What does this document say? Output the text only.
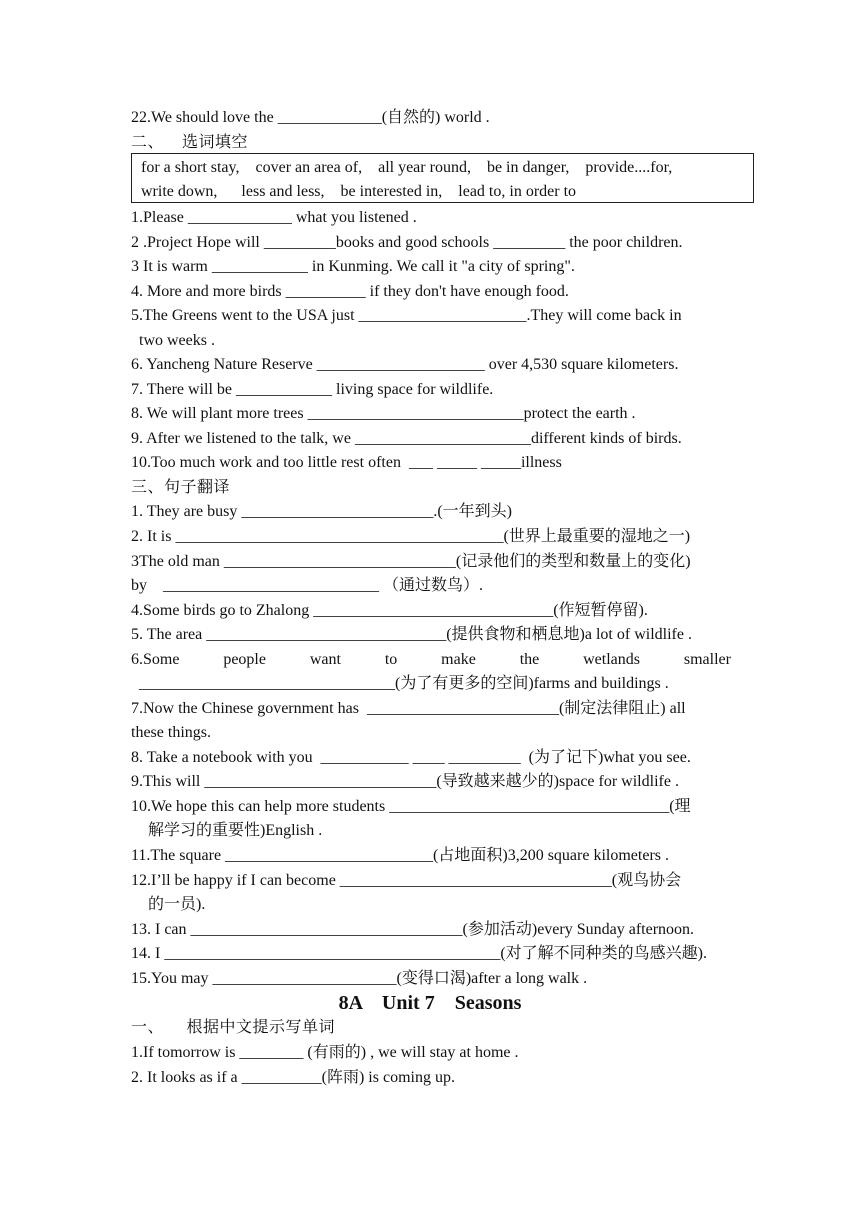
22.We should love the _____________(自然的) world .
二、    选词填空
for a short stay,    cover an area of,    all year round,    be in danger,    provide....for,
write down,      less and less,    be interested in,    lead to, in order to
1.Please _____________ what you listened .
2 .Project Hope will _________books and good schools _________ the poor children.
3 It is warm ____________ in Kunming. We call it "a city of spring".
4. More and more birds __________ if they don't have enough food.
5.The Greens went to the USA just _____________________.They will come back in
two weeks .
6. Yancheng Nature Reserve _____________________ over 4,530 square kilometers.
7. There will be ____________ living space for wildlife.
8. We will plant more trees ___________________________protect the earth .
9. After we listened to the talk, we ______________________different kinds of birds.
10.Too much work and too little rest often  ___ _____ _____illness
三、句子翻译
1. They are busy ________________________.(一年到头)
2. It is _________________________________________(世界上最重要的湿地之一)
3The old man _____________________________(记录他们的类型和数量上的变化)
by    ___________________________ （通过数鸟）.
4.Some birds go to Zhalong ______________________________(作短暂停留).
5. The area ______________________________(提供食物和栖息地)a lot of wildlife .
6.Some	people	want	to	make	the	wetlands	smaller
________________________________(为了有更多的空间)farms and buildings .
7.Now the Chinese government has  ________________________(制定法律阻止) all
these things.
8. Take a notebook with you  ___________ ____ _________  (为了记下)what you see.
9.This will _____________________________(导致越来越少的)space for wildlife .
10.We hope this can help more students ___________________________________(理
解学习的重要性)English .
11.The square __________________________(占地面积)3,200 square kilometers .
12.I’ll be happy if I can become __________________________________(观鸟协会
的一员).
13. I can __________________________________(参加活动)every Sunday afternoon.
14. I __________________________________________(对了解不同种类的鸟感兴趣).
15.You may _______________________(变得口渴)after a long walk .
8A    Unit 7    Seasons
一、     根据中文提示写单词
1.If tomorrow is ________ (有雨的) , we will stay at home .
2. It looks as if a __________(阵雨) is coming up.
